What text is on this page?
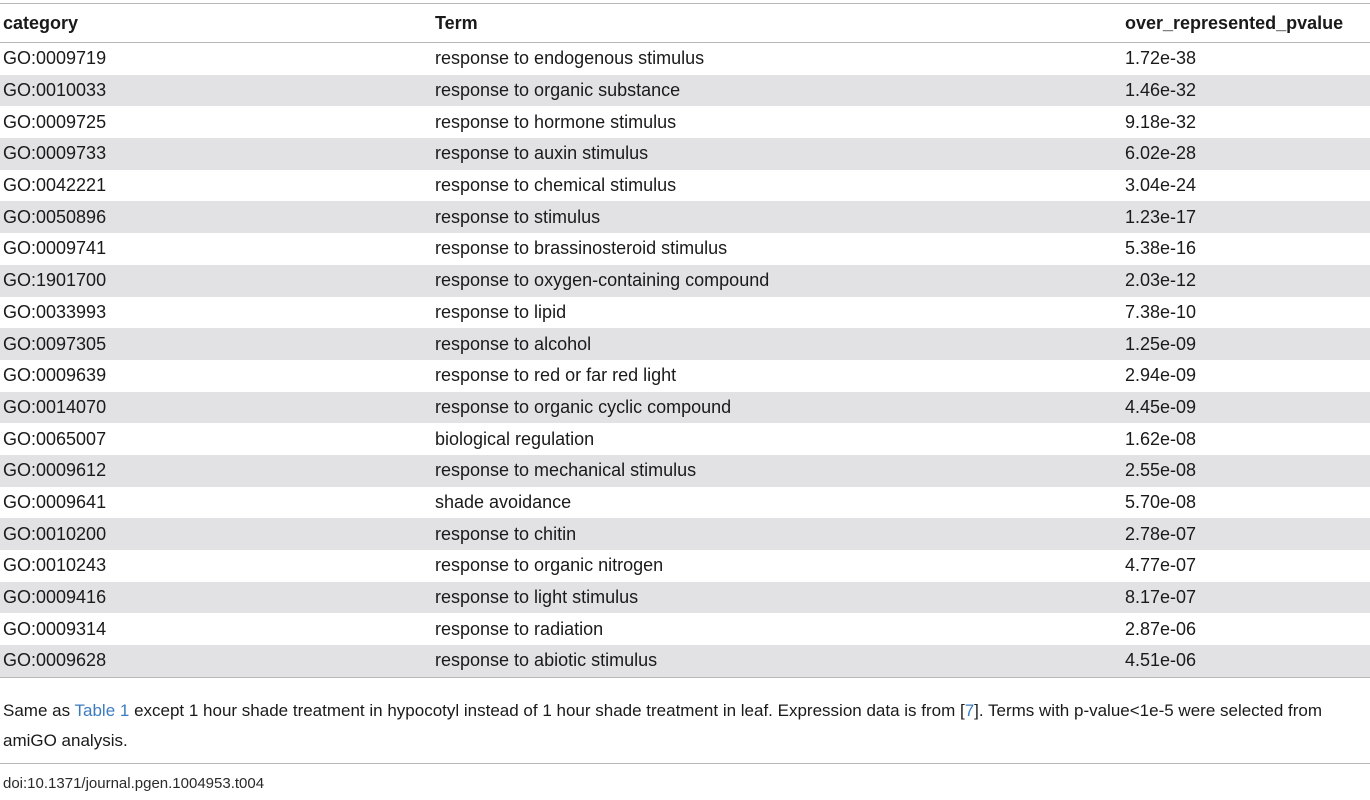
category	Term	over_represented_pvalue
GO:0009719	response to endogenous stimulus	1.72e-38
GO:0010033	response to organic substance	1.46e-32
GO:0009725	response to hormone stimulus	9.18e-32
GO:0009733	response to auxin stimulus	6.02e-28
GO:0042221	response to chemical stimulus	3.04e-24
GO:0050896	response to stimulus	1.23e-17
GO:0009741	response to brassinosteroid stimulus	5.38e-16
GO:1901700	response to oxygen-containing compound	2.03e-12
GO:0033993	response to lipid	7.38e-10
GO:0097305	response to alcohol	1.25e-09
GO:0009639	response to red or far red light	2.94e-09
GO:0014070	response to organic cyclic compound	4.45e-09
GO:0065007	biological regulation	1.62e-08
GO:0009612	response to mechanical stimulus	2.55e-08
GO:0009641	shade avoidance	5.70e-08
GO:0010200	response to chitin	2.78e-07
GO:0010243	response to organic nitrogen	4.77e-07
GO:0009416	response to light stimulus	8.17e-07
GO:0009314	response to radiation	2.87e-06
GO:0009628	response to abiotic stimulus	4.51e-06
Same as Table 1 except 1 hour shade treatment in hypocotyl instead of 1 hour shade treatment in leaf. Expression data is from [7]. Terms with p-value<1e-5 were selected from amiGO analysis.
doi:10.1371/journal.pgen.1004953.t004
